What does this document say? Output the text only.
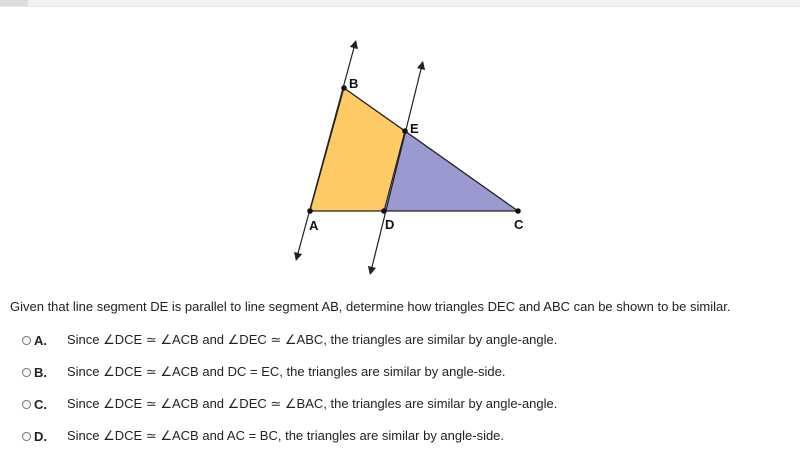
B
E
A	D	C
Given that line segment DE is parallel to line segment AB, determine how triangles DEC and ABC can be shown to be similar.
A.	Since ∠DCE ≃ ∠ACB and ∠DEC ≃ ∠ABC, the triangles are similar by angle-angle.
B.	Since ∠DCE ≃ ∠ACB and DC = EC, the triangles are similar by angle-side.
C.	Since ∠DCE ≃ ∠ACB and ∠DEC ≃ ∠BAC, the triangles are similar by angle-angle.
D.	Since ∠DCE ≃ ∠ACB and AC = BC, the triangles are similar by angle-side.
